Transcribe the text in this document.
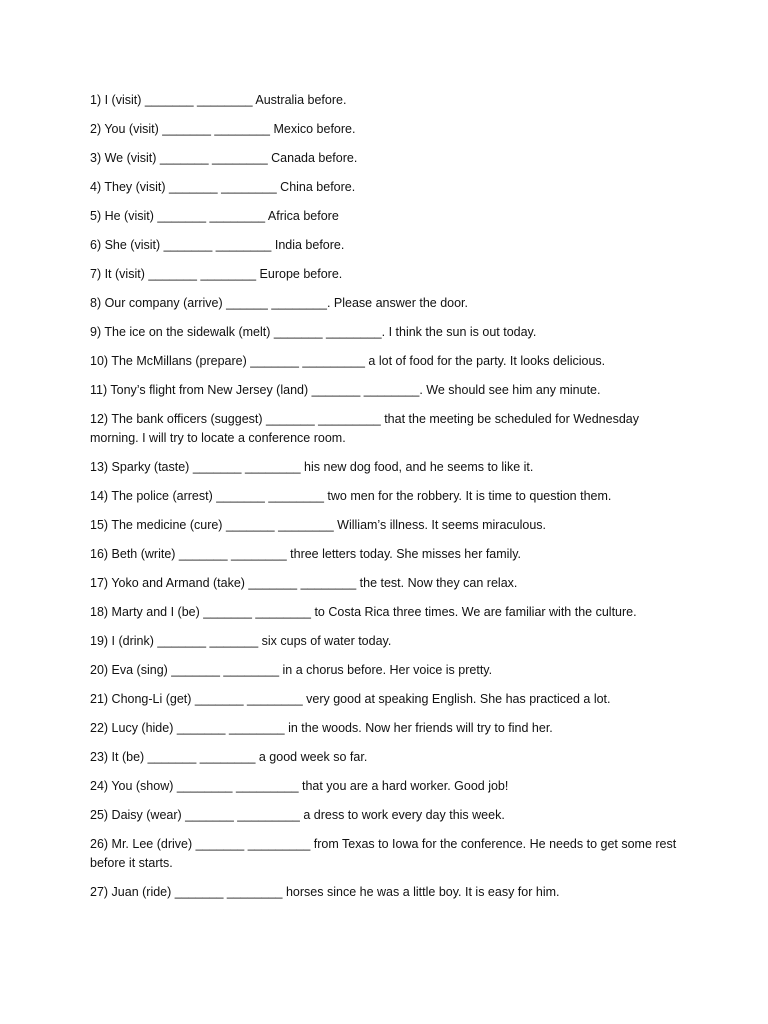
1) I (visit) _______ ________ Australia before.
2) You (visit) _______ ________ Mexico before.
3) We (visit) _______ ________ Canada before.
4) They (visit) _______ ________ China before.
5) He (visit) _______ ________ Africa before
6) She (visit) _______ ________ India before.
7) It (visit) _______ ________ Europe before.
8) Our company (arrive) ______ ________. Please answer the door.
9) The ice on the sidewalk (melt) _______ ________. I think the sun is out today.
10) The McMillans (prepare) _______ _________ a lot of food for the party. It looks delicious.
11) Tony’s flight from New Jersey (land) _______ ________. We should see him any minute.
12) The bank officers (suggest) _______ _________ that the meeting be scheduled for Wednesday morning. I will try to locate a conference room.
13) Sparky (taste) _______ ________ his new dog food, and he seems to like it.
14) The police (arrest) _______ ________ two men for the robbery. It is time to question them.
15) The medicine (cure) _______ ________ William’s illness. It seems miraculous.
16) Beth (write) _______ ________ three letters today. She misses her family.
17) Yoko and Armand (take) _______ ________ the test. Now they can relax.
18) Marty and I (be) _______ ________ to Costa Rica three times. We are familiar with the culture.
19) I (drink) _______ _______ six cups of water today.
20) Eva (sing) _______ ________ in a chorus before. Her voice is pretty.
21) Chong-Li (get) _______ ________ very good at speaking English. She has practiced a lot.
22) Lucy (hide) _______ ________ in the woods. Now her friends will try to find her.
23) It (be) _______ ________ a good week so far.
24) You (show) ________ _________ that you are a hard worker. Good job!
25) Daisy (wear) _______ _________ a dress to work every day this week.
26) Mr. Lee (drive) _______ _________ from Texas to Iowa for the conference. He needs to get some rest before it starts.
27) Juan (ride) _______ ________ horses since he was a little boy. It is easy for him.
